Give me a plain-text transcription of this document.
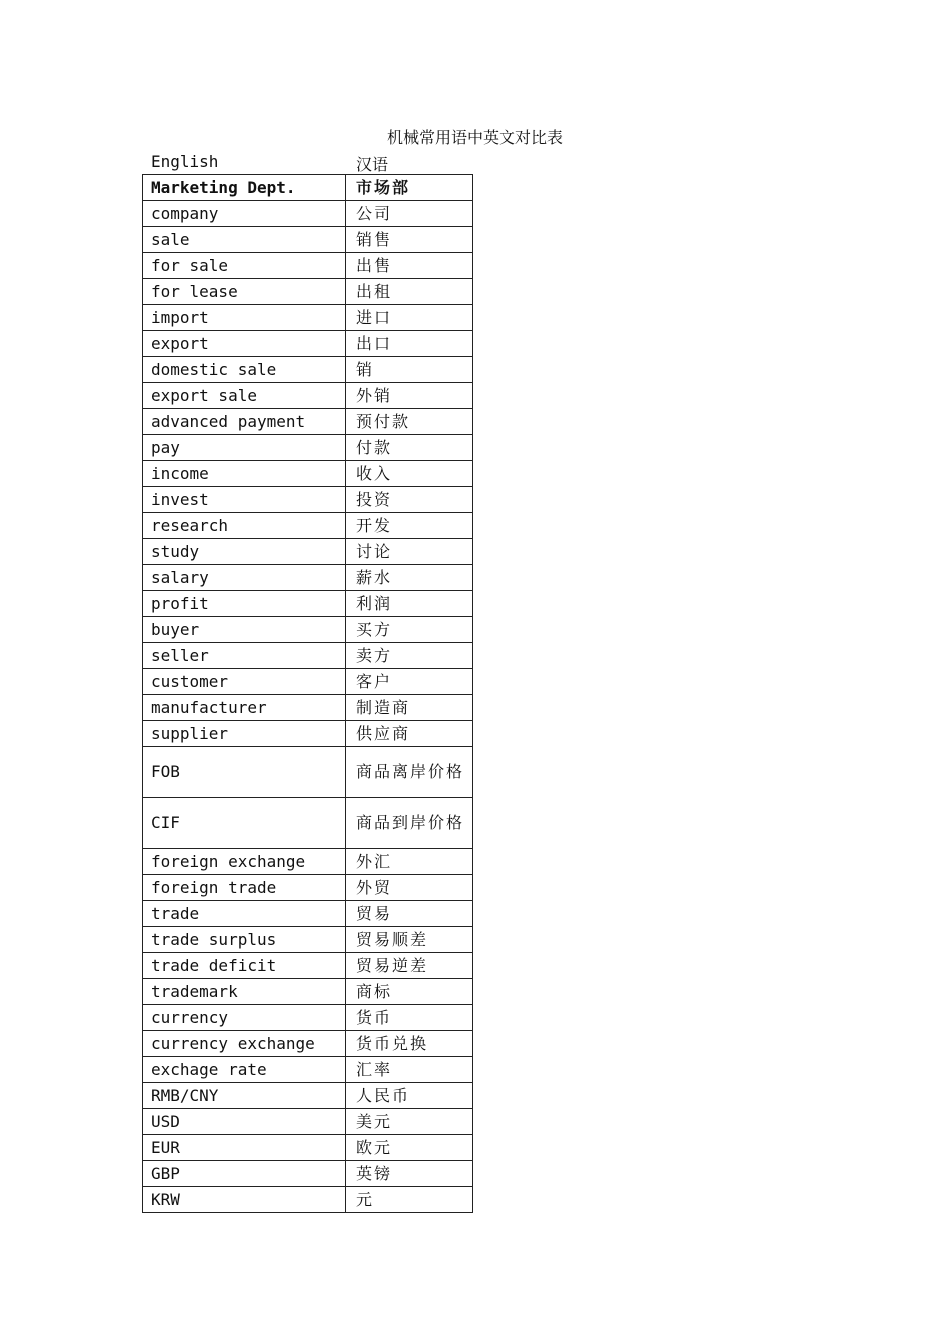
机械常用语中英文对比表
English	汉语
Marketing Dept.	市场部
company	公司
sale	销售
for sale	出售
for lease	出租
import	进口
export	出口
domestic sale	销
export sale	外销
advanced payment	预付款
pay	付款
income	收入
invest	投资
research	开发
study	讨论
salary	薪水
profit	利润
buyer	买方
seller	卖方
customer	客户
manufacturer	制造商
supplier	供应商
FOB	商品离岸价格
CIF	商品到岸价格
foreign exchange	外汇
foreign trade	外贸
trade	贸易
trade surplus	贸易顺差
trade deficit	贸易逆差
trademark	商标
currency	货币
currency exchange	货币兑换
exchage rate	汇率
RMB/CNY	人民币
USD	美元
EUR	欧元
GBP	英镑
KRW	元
